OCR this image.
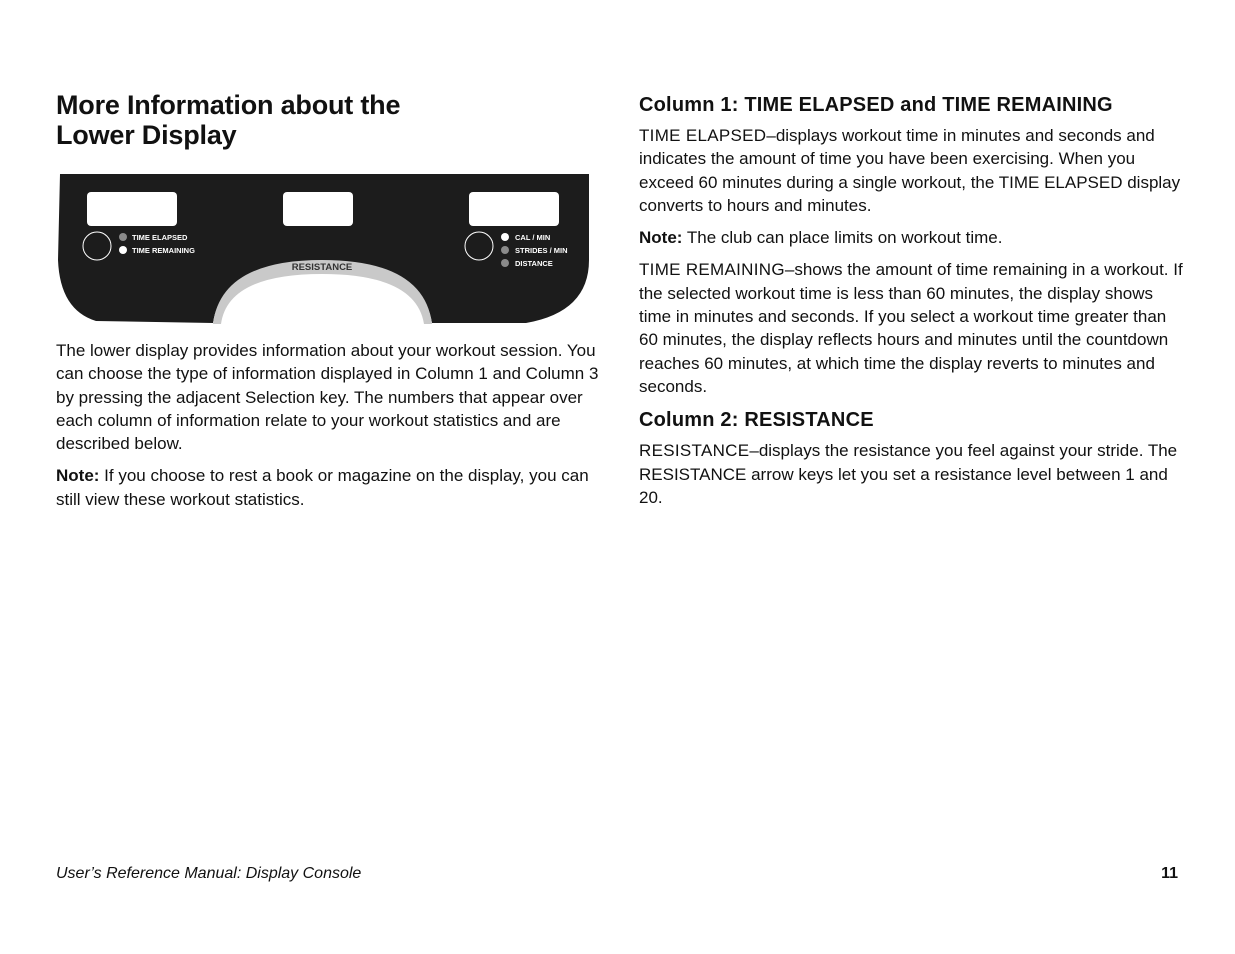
More Information about the
Lower Display
TIME ELAPSED
TIME REMAINING
CAL / MIN
STRIDES / MIN
DISTANCE
RESISTANCE

The lower display provides information about your workout session. You can choose the type of information displayed in Column 1 and Column 3 by pressing the adjacent Selection key. The numbers that appear over each column of information relate to your workout statistics and are described below.

Note: If you choose to rest a book or magazine on the display, you can still view these workout statistics.

Column 1: TIME ELAPSED and TIME REMAINING

TIME ELAPSED–displays workout time in minutes and seconds and indicates the amount of time you have been exercising. When you exceed 60 minutes during a single workout, the TIME ELAPSED display converts to hours and minutes.

Note: The club can place limits on workout time.

TIME REMAINING–shows the amount of time remaining in a workout. If the selected workout time is less than 60 minutes, the display shows time in minutes and seconds. If you select a workout time greater than 60 minutes, the display reflects hours and minutes until the countdown reaches 60 minutes, at which time the display reverts to minutes and seconds.

Column 2: RESISTANCE

RESISTANCE–displays the resistance you feel against your stride. The RESISTANCE arrow keys let you set a resistance level between 1 and 20.

User’s Reference Manual: Display Console	11
